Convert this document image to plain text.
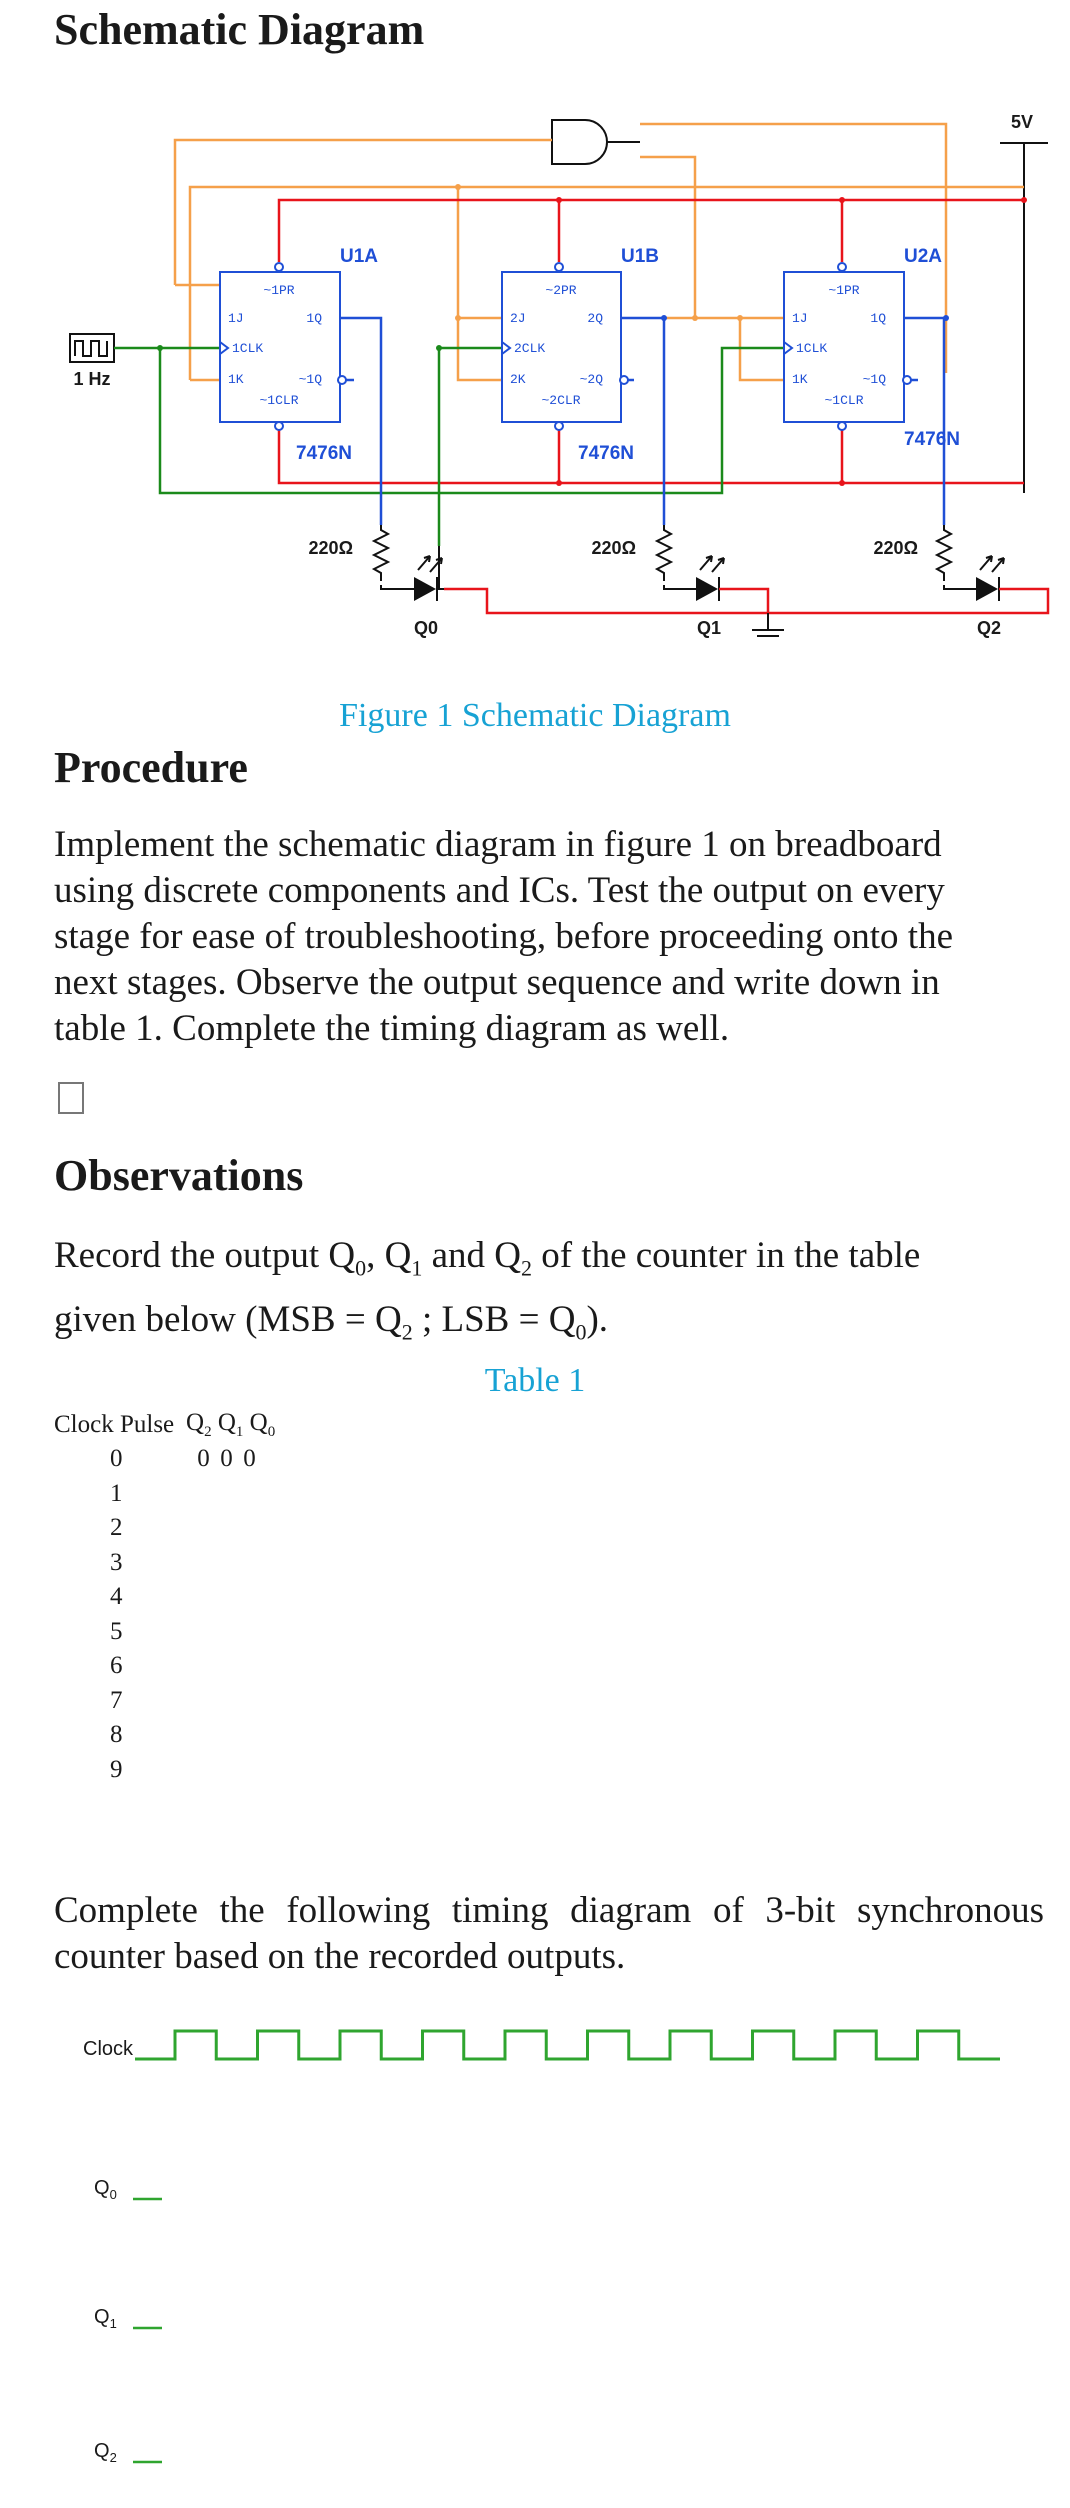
Schematic Diagram
5V
1 Hz
~1PR
1J	1Q
1CLK
1K	~1Q
~1CLR
U1A
7476N
~2PR
2J	2Q
2CLK
2K	~2Q
~2CLR
U1B
7476N
~1PR
1J	1Q
1CLK
1K	~1Q
~1CLR
U2A
7476N
220Ω	220Ω	220Ω
Q0	Q1	Q2
Figure 1 Schematic Diagram
Procedure

Implement the schematic diagram in figure 1 on breadboard using discrete components and ICs. Test the output on every stage for ease of troubleshooting, before proceeding onto the next stages. Observe the output sequence and write down in table 1. Complete the timing diagram as well.

Observations

Record the output $Q_0$, $Q_1$ and $Q_2$ of the counter in the table
given below ($MSB = Q_2$ ; LSB = $Q_0$).

Table 1
Clock Pulse	$Q_2$ $Q_1$ $Q_0$
0	0 0 0
1	
2	
3	
4	
5	
6	
7	
8	
9	

Complete the following timing diagram of 3-bit synchronous counter based on the recorded outputs.

Clock
$Q_0$
$Q_1$
$Q_2$
